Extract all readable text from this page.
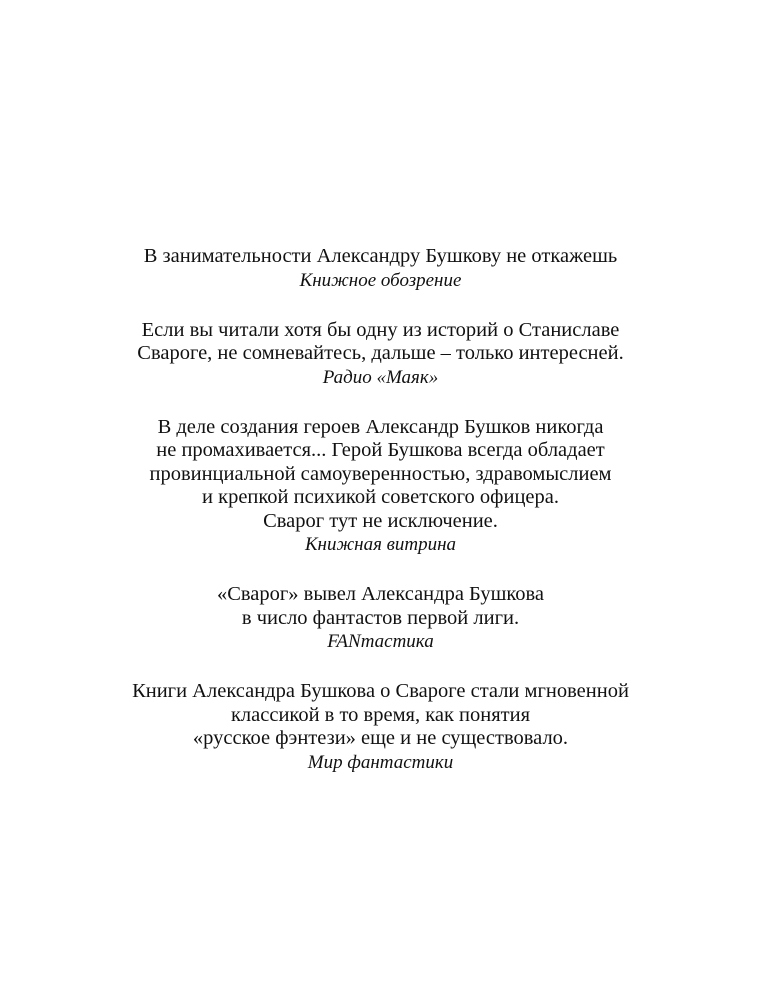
В занимательности Александру Бушкову не откажешь
Книжное обозрение
Если вы читали хотя бы одну из историй о Станиславе
Свароге, не сомневайтесь, дальше – только интересней.
Радио «Маяк»
В деле создания героев Александр Бушков никогда
не промахивается... Герой Бушкова всегда обладает
провинциальной самоуверенностью, здравомыслием
и крепкой психикой советского офицера.
Сварог тут не исключение.
Книжная витрина
«Сварог» вывел Александра Бушкова
в число фантастов первой лиги.
FANтастика
Книги Александра Бушкова о Свароге стали мгновенной
классикой в то время, как понятия
«русское фэнтези» еще и не существовало.
Мир фантастики
